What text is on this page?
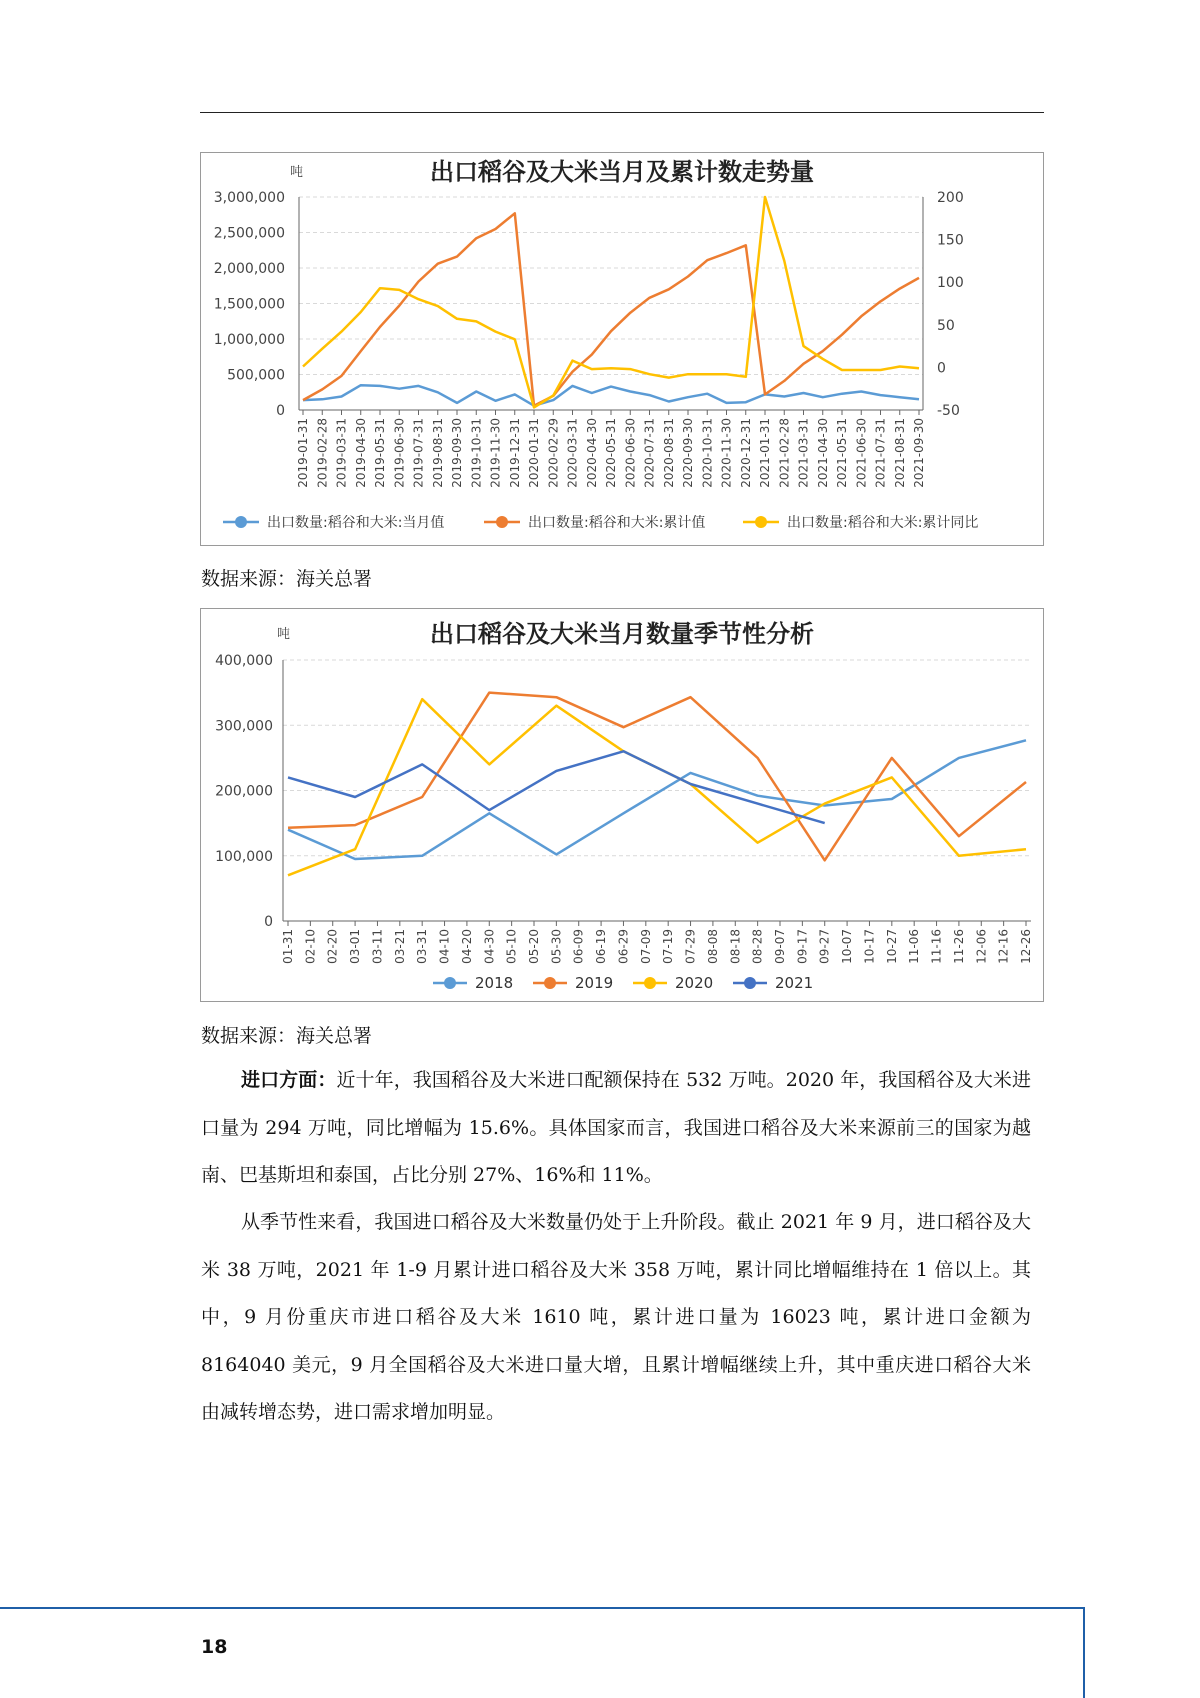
吨	出口稻谷及大米当月及累计数走势量
3,000,000
2,500,000
2,000,000
1,500,000
1,000,000
500,000
0
200
150
100
50
0
-50
2019-01-31 2019-02-28 2019-03-31 2019-04-30 2019-05-31 2019-06-30 2019-07-31 2019-08-31 2019-09-30 2019-10-31 2019-11-30 2019-12-31 2020-01-31 2020-02-29 2020-03-31 2020-04-30 2020-05-31 2020-06-30 2020-07-31 2020-08-31 2020-09-30 2020-10-31 2020-11-30 2020-12-31 2021-01-31 2021-02-28 2021-03-31 2021-04-30 2021-05-31 2021-06-30 2021-07-31 2021-08-31 2021-09-30
出口数量:稻谷和大米:当月值	出口数量:稻谷和大米:累计值	出口数量:稻谷和大米:累计同比
数据来源：海关总署
吨	出口稻谷及大米当月数量季节性分析
400,000
300,000
200,000
100,000
0
01-31 02-10 02-20 03-01 03-11 03-21 03-31 04-10 04-20 04-30 05-10 05-20 05-30 06-09 06-19 06-29 07-09 07-19 07-29 08-08 08-18 08-28 09-07 09-17 09-27 10-07 10-17 10-27 11-06 11-16 11-26 12-06 12-16 12-26
2018	2019	2020	2021
数据来源：海关总署

进口方面：近十年，我国稻谷及大米进口配额保持在 532 万吨。2020 年，我国稻谷及大米进口量为 294 万吨，同比增幅为 15.6%。具体国家而言，我国进口稻谷及大米来源前三的国家为越南、巴基斯坦和泰国，占比分别 27%、16%和 11%。

从季节性来看，我国进口稻谷及大米数量仍处于上升阶段。截止 2021 年 9 月，进口稻谷及大米 38 万吨，2021 年 1-9 月累计进口稻谷及大米 358 万吨，累计同比增幅维持在 1 倍以上。其中，9 月份重庆市进口稻谷及大米 1610 吨，累计进口量为 16023 吨，累计进口金额为 8164040 美元，9 月全国稻谷及大米进口量大增，且累计增幅继续上升，其中重庆进口稻谷大米由减转增态势，进口需求增加明显。

18
